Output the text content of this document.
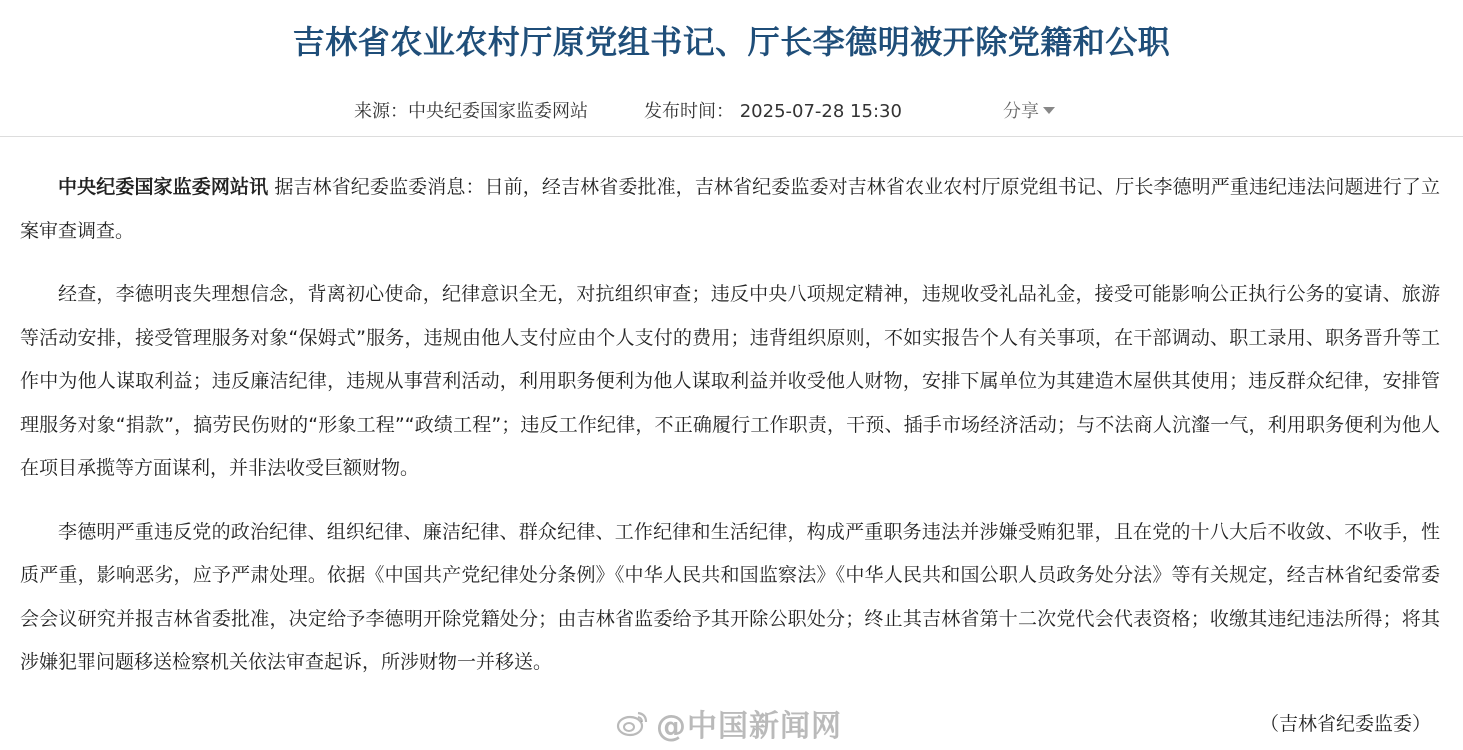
吉林省农业农村厅原党组书记、厅长李德明被开除党籍和公职
来源：中央纪委国家监委网站	发布时间： 2025-07-28 15:30	分享

中央纪委国家监委网站讯 据吉林省纪委监委消息：日前，经吉林省委批准，吉林省纪委监委对吉林省农业农村厅原党组书记、厅长李德明严重违纪违法问题进行了立案审查调查。

经查，李德明丧失理想信念，背离初心使命，纪律意识全无，对抗组织审查；违反中央八项规定精神，违规收受礼品礼金，接受可能影响公正执行公务的宴请、旅游等活动安排，接受管理服务对象“保姆式”服务，违规由他人支付应由个人支付的费用；违背组织原则，不如实报告个人有关事项，在干部调动、职工录用、职务晋升等工作中为他人谋取利益；违反廉洁纪律，违规从事营利活动，利用职务便利为他人谋取利益并收受他人财物，安排下属单位为其建造木屋供其使用；违反群众纪律，安排管理服务对象“捐款”，搞劳民伤财的“形象工程”“政绩工程”；违反工作纪律，不正确履行工作职责，干预、插手市场经济活动；与不法商人沆瀣一气，利用职务便利为他人在项目承揽等方面谋利，并非法收受巨额财物。

李德明严重违反党的政治纪律、组织纪律、廉洁纪律、群众纪律、工作纪律和生活纪律，构成严重职务违法并涉嫌受贿犯罪，且在党的十八大后不收敛、不收手，性质严重，影响恶劣，应予严肃处理。依据《中国共产党纪律处分条例》《中华人民共和国监察法》《中华人民共和国公职人员政务处分法》等有关规定，经吉林省纪委常委会会议研究并报吉林省委批准，决定给予李德明开除党籍处分；由吉林省监委给予其开除公职处分；终止其吉林省第十二次党代会代表资格；收缴其违纪违法所得；将其涉嫌犯罪问题移送检察机关依法审查起诉，所涉财物一并移送。

@中国新闻网	（吉林省纪委监委）
